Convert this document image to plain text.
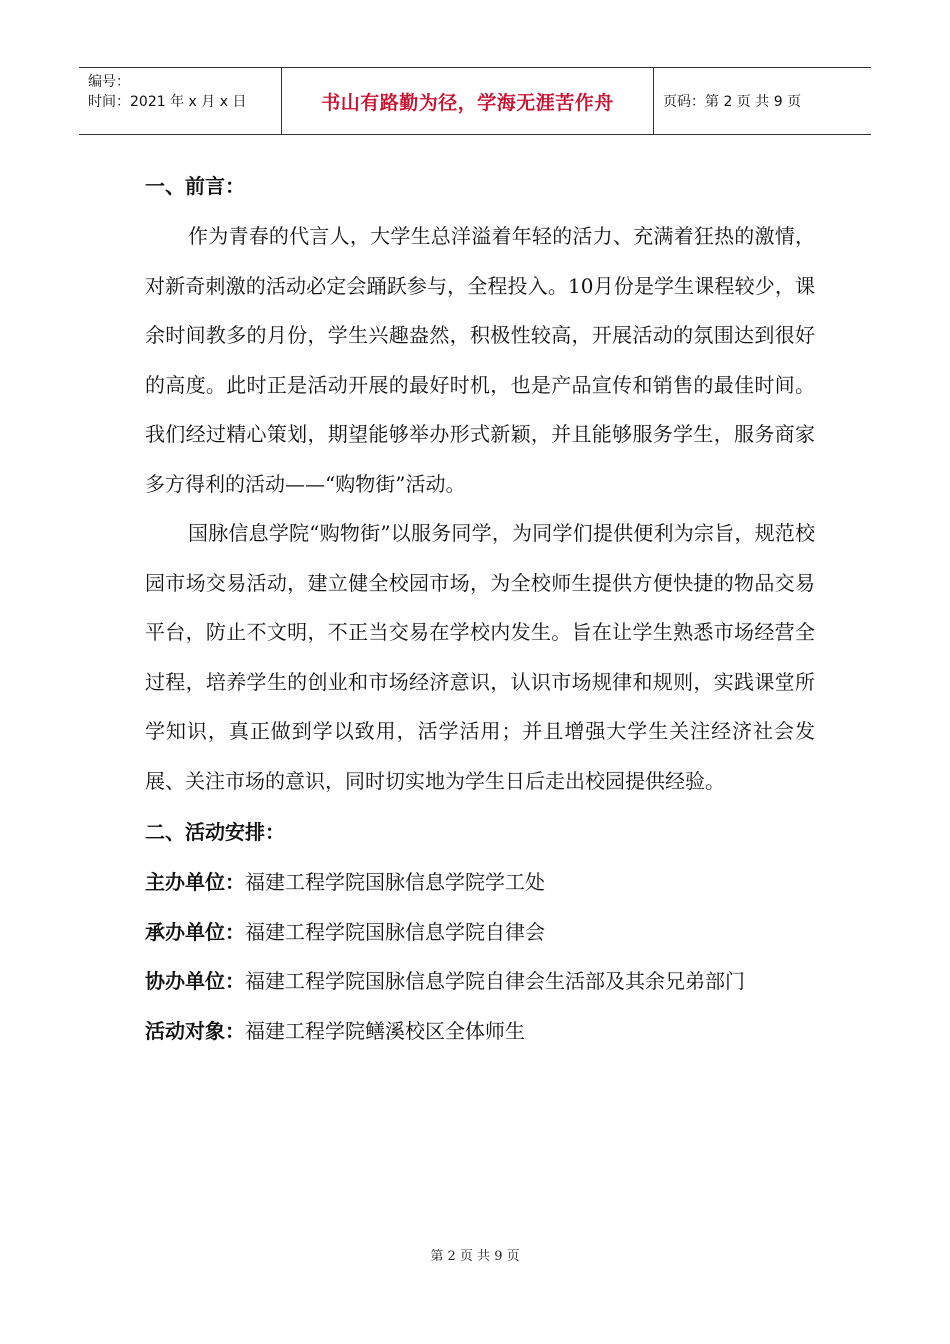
编号：
时间：2021 年 x 月 x 日	书山有路勤为径，学海无涯苦作舟	页码：第 2 页 共 9 页
一、前言：

作为青春的代言人，大学生总洋溢着年轻的活力、充满着狂热的激情，对新奇刺激的活动必定会踊跃参与，全程投入。10月份是学生课程较少，课余时间教多的月份，学生兴趣盎然，积极性较高，开展活动的氛围达到很好的高度。此时正是活动开展的最好时机，也是产品宣传和销售的最佳时间。我们经过精心策划，期望能够举办形式新颖，并且能够服务学生，服务商家多方得利的活动——“购物街”活动。

国脉信息学院“购物街”以服务同学，为同学们提供便利为宗旨，规范校园市场交易活动，建立健全校园市场，为全校师生提供方便快捷的物品交易平台，防止不文明，不正当交易在学校内发生。旨在让学生熟悉市场经营全过程，培养学生的创业和市场经济意识，认识市场规律和规则，实践课堂所学知识，真正做到学以致用，活学活用；并且增强大学生关注经济社会发展、关注市场的意识，同时切实地为学生日后走出校园提供经验。

二、活动安排：

主办单位：福建工程学院国脉信息学院学工处

承办单位：福建工程学院国脉信息学院自律会

协办单位：福建工程学院国脉信息学院自律会生活部及其余兄弟部门

活动对象：福建工程学院鳝溪校区全体师生

第 2 页 共 9 页
